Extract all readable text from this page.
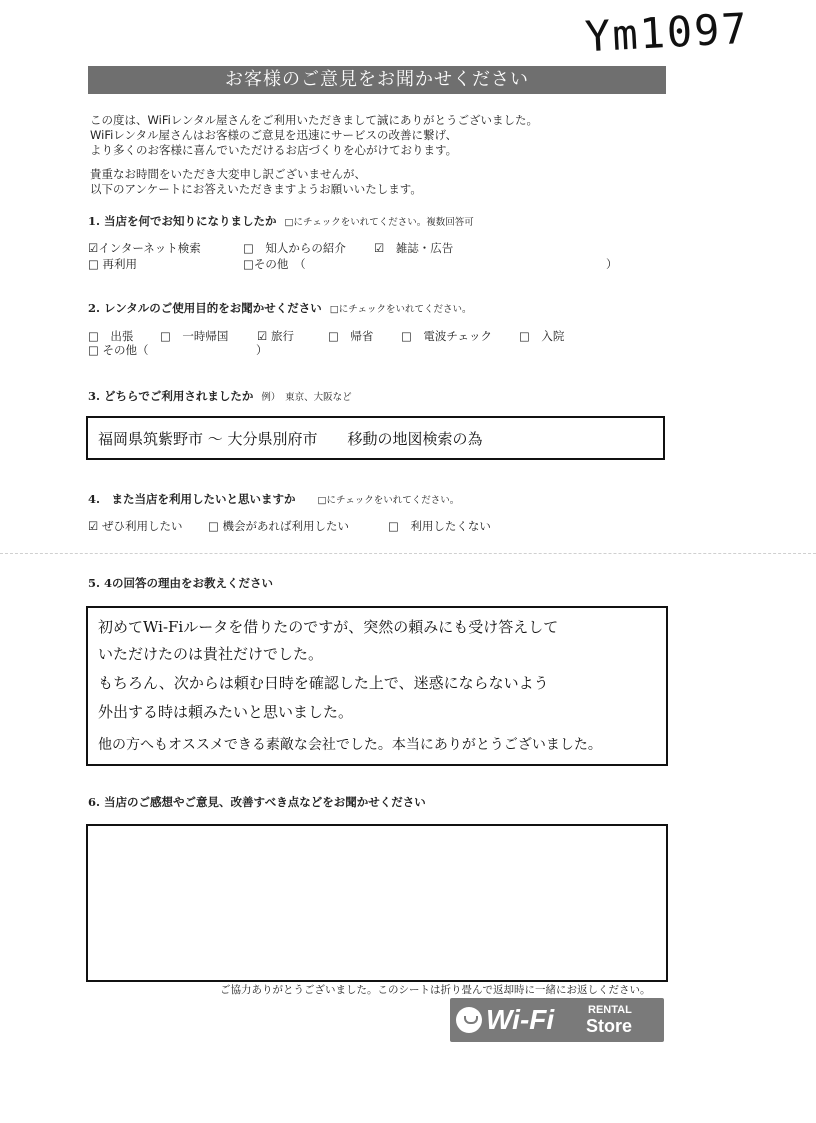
Ym1097
お客様のご意見をお聞かせください
この度は、WiFiレンタル屋さんをご利用いただきまして誠にありがとうございました。
WiFiレンタル屋さんはお客様のご意見を迅速にサービスの改善に繋げ、
より多くのお客様に喜んでいただけるお店づくりを心がけております。
貴重なお時間をいただき大変申し訳ございませんが、
以下のアンケートにお答えいただきますようお願いいたします。
1. 当店を何でお知りになりましたか □にチェックをいれてください。複数回答可
☑インターネット検索	□　 知人からの紹介 ☑　 雑誌・広告
□ 再利用	□その他　（	）
2. レンタルのご使用目的をお聞かせください □にチェックをいれてください。
□　 出張 □　 一時帰国 ☑ 旅行	□　 帰省 □　 電波チェック □　 入院
□ その他（	）
3. どちらでご利用されましたか 例）　東京、大阪など
福岡県筑紫野市 ～ 大分県別府市　　移動の地図検索の為
4.　また当店を利用したいと思いますか □にチェックをいれてください。
☑ ぜひ利用したい □ 機会があれば利用したい	□　 利用したくない
5. 4の回答の理由をお教えください
初めてWi-Fiルータを借りたのですが、突然の頼みにも受け答えして
いただけたのは貴社だけでした。
もちろん、次からは頼む日時を確認した上で、迷惑にならないよう
外出する時は頼みたいと思いました。
他の方へもオススメできる素敵な会社でした。本当にありがとうございました。
6. 当店のご感想やご意見、改善すべき点などをお聞かせください
ご協力ありがとうございました。このシートは折り畳んで返却時に一緒にお返しください。
Wi-Fi	RENTAL
Store
